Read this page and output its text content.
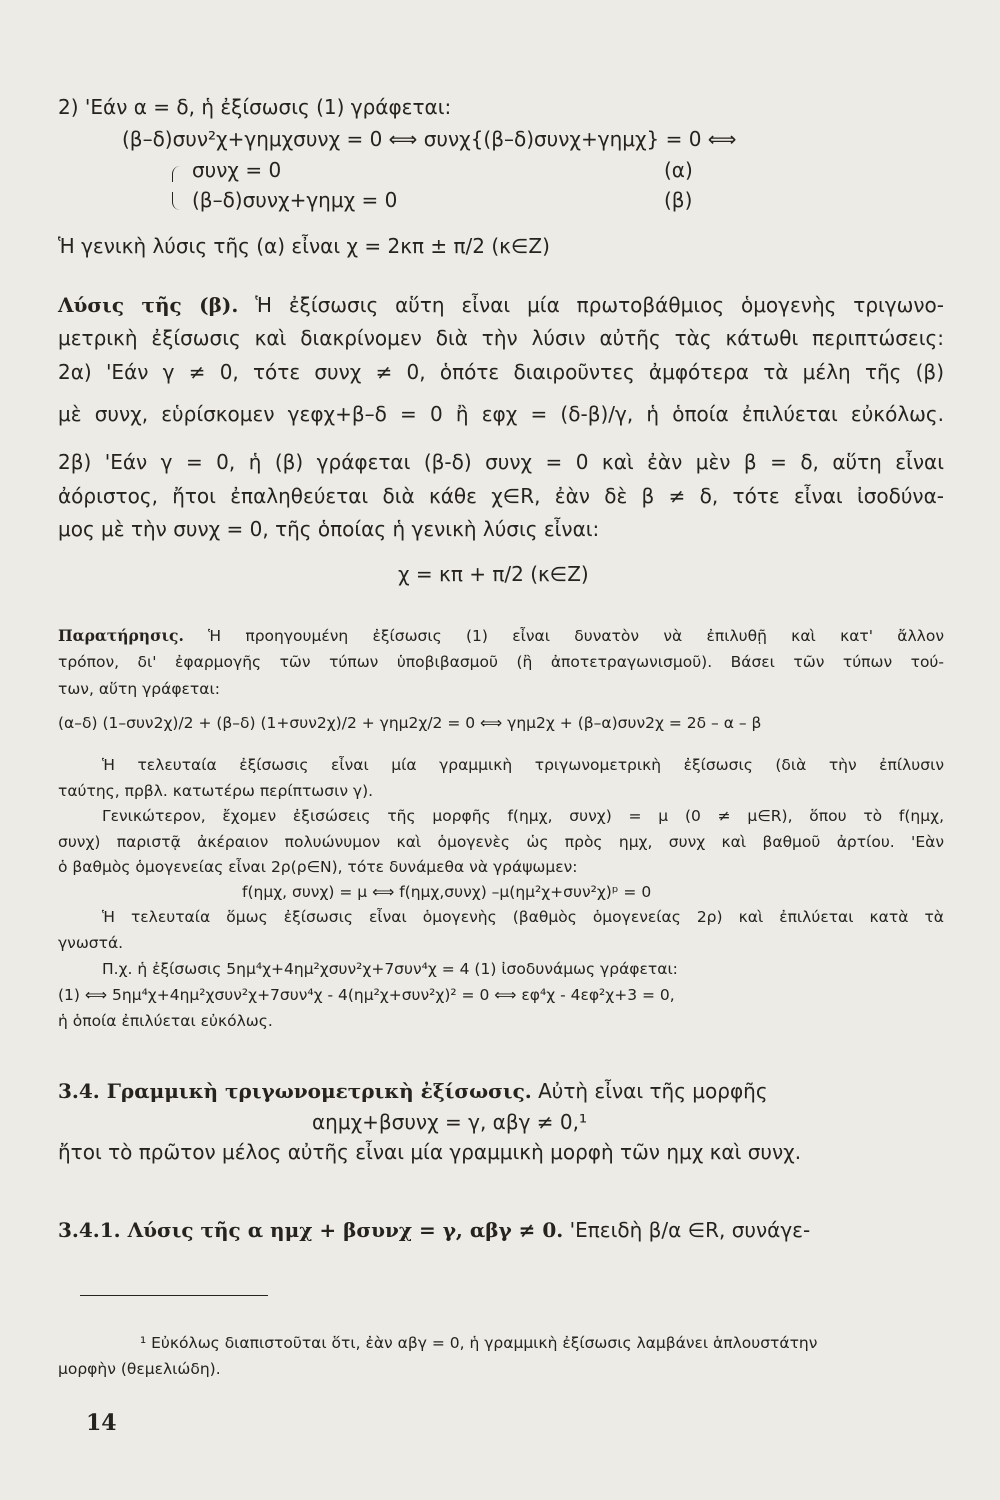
2) 'Εάν α = δ, ἡ ἐξίσωσις (1) γράφεται:
(β–δ)συν²χ+γημχσυνχ = 0 ⟺ συνχ{(β–δ)συνχ+γημχ} = 0 ⟺
συνχ = 0	(α)
(β–δ)συνχ+γημχ = 0	(β)
Ἡ γενικὴ λύσις τῆς (α) εἶναι χ = 2κπ ± π/2 (κ∈Z)
Λύσις τῆς (β). Ἡ ἐξίσωσις αὕτη εἶναι μία πρωτοβάθμιος ὁμογενὴς τριγωνο-
μετρικὴ ἐξίσωσις καὶ διακρίνομεν διὰ τὴν λύσιν αὐτῆς τὰς κάτωθι περιπτώσεις:
2α) 'Εάν γ ≠ 0, τότε συνχ ≠ 0, ὁπότε διαιροῦντες ἀμφότερα τὰ μέλη τῆς (β)
μὲ συνχ, εὑρίσκομεν γεφχ+β–δ = 0 ἢ εφχ = (δ-β)/γ, ἡ ὁποία ἐπιλύεται εὐκόλως.
2β) 'Εάν γ = 0, ἡ (β) γράφεται (β-δ) συνχ = 0 καὶ ἐὰν μὲν β = δ, αὕτη εἶναι
ἀόριστος, ἤτοι ἐπαληθεύεται διὰ κάθε χ∈R, ἐὰν δὲ β ≠ δ, τότε εἶναι ἰσοδύνα-
μος μὲ τὴν συνχ = 0, τῆς ὁποίας ἡ γενικὴ λύσις εἶναι:
χ = κπ + π/2 (κ∈Z)
Παρατήρησις. Ἡ προηγουμένη ἐξίσωσις (1) εἶναι δυνατὸν νὰ ἐπιλυθῇ καὶ κατ' ἄλλον
τρόπον, δι' ἐφαρμογῆς τῶν τύπων ὑποβιβασμοῦ (ἢ ἀποτετραγωνισμοῦ). Βάσει τῶν τύπων τού-
των, αὕτη γράφεται:
(α–δ) (1–συν2χ)/2 + (β–δ) (1+συν2χ)/2 + γημ2χ/2 = 0 ⟺ γημ2χ + (β–α)συν2χ = 2δ – α – β
Ἡ τελευταία ἐξίσωσις εἶναι μία γραμμικὴ τριγωνομετρικὴ ἐξίσωσις (διὰ τὴν ἐπίλυσιν
ταύτης, πρβλ. κατωτέρω περίπτωσιν γ).
Γενικώτερον, ἔχομεν ἐξισώσεις τῆς μορφῆς f(ημχ, συνχ) = μ (0 ≠ μ∈R), ὅπου τὸ f(ημχ,
συνχ) παριστᾷ ἀκέραιον πολυώνυμον καὶ ὁμογενὲς ὡς πρὸς ημχ, συνχ καὶ βαθμοῦ ἀρτίου. 'Εὰν
ὁ βαθμὸς ὁμογενείας εἶναι 2ρ(ρ∈N), τότε δυνάμεθα νὰ γράψωμεν:
f(ημχ, συνχ) = μ ⟺ f(ημχ,συνχ) –μ(ημ²χ+συν²χ)ᵖ = 0
Ἡ τελευταία ὅμως ἐξίσωσις εἶναι ὁμογενὴς (βαθμὸς ὁμογενείας 2ρ) καὶ ἐπιλύεται κατὰ τὰ
γνωστά.
Π.χ. ἡ ἐξίσωσις 5ημ⁴χ+4ημ²χσυν²χ+7συν⁴χ = 4 (1) ἰσοδυνάμως γράφεται:
(1) ⟺ 5ημ⁴χ+4ημ²χσυν²χ+7συν⁴χ - 4(ημ²χ+συν²χ)² = 0 ⟺ εφ⁴χ - 4εφ²χ+3 = 0,
ἡ ὁποία ἐπιλύεται εὐκόλως.
3.4. Γραμμικὴ τριγωνομετρικὴ ἐξίσωσις. Αὐτὴ εἶναι τῆς μορφῆς
αημχ+βσυνχ = γ, αβγ ≠ 0,¹
ἤτοι τὸ πρῶτον μέλος αὐτῆς εἶναι μία γραμμικὴ μορφὴ τῶν ημχ καὶ συνχ.
3.4.1. Λύσις τῆς α ημχ + βσυνχ = γ, αβγ ≠ 0. 'Επειδὴ β/α ∈R, συνάγε-
¹ Εὐκόλως διαπιστοῦται ὅτι, ἐὰν αβγ = 0, ἡ γραμμικὴ ἐξίσωσις λαμβάνει ἁπλουστάτην
μορφὴν (θεμελιώδη).
14
